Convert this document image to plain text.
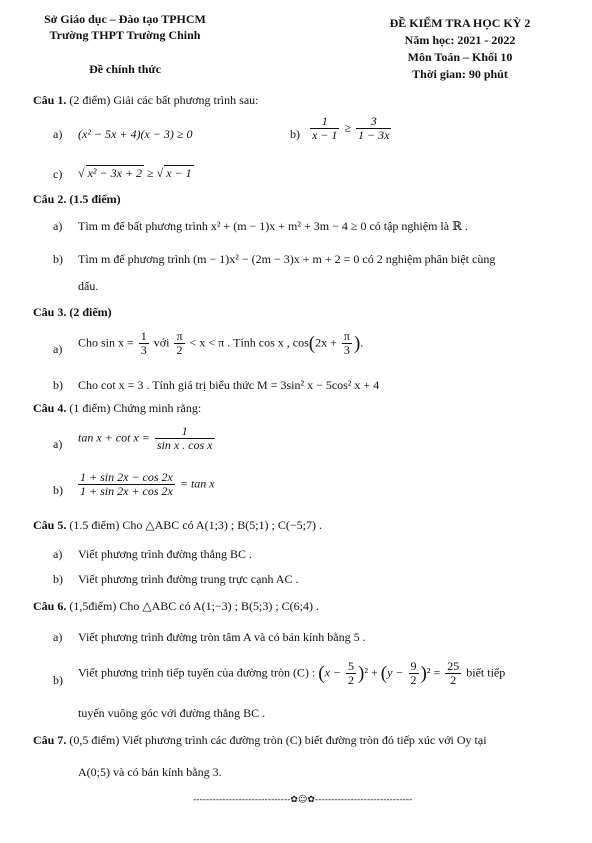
Sở Giáo dục – Đào tạo TPHCM
Trường THPT Trường Chinh
Đề chính thức
ĐỀ KIỂM TRA HỌC KỲ 2
Năm học: 2021 - 2022
Môn Toán – Khối 10
Thời gian: 90 phút
Câu 1. (2 điểm) Giải các bất phương trình sau:
a) (x² − 5x + 4)(x − 3) ≥ 0	$b) \frac{1}{x - 1} \ge \frac{3}{1 - 3x}$
c) √ x² − 3x + 2 ≥ √ x − 1
Câu 2. (1.5 điểm)
a) Tìm m để bất phương trình x² + (m − 1)x + m² + 3m − 4 ≥ 0 có tập nghiệm là ℝ .
b) Tìm m để phương trình (m − 1)x² − (2m − 3)x + m + 2 = 0 có 2 nghiệm phân biệt cùng
dấu.
Câu 3. (2 điểm)
a) Cho $\sin x = \frac{1}{3}$ với $\frac{\pi}{2} < x < \pi$ . Tính cos x , $\cos(2x + \frac{\pi}{3}$ ).
b) Cho cot x = 3 . Tính giá trị biểu thức M = 3sin² x − 5cos² x + 4
Câu 4. (1 điểm) Chứng minh rằng:
a) $\tan x + \cot x = \frac{1}{\text{sin x . cos x}}$
$b) \frac{1 + \sin 2x - \cos 2x}{1 + \sin 2x + \cos 2x} = \tan x$
Câu 5. (1.5 điểm) Cho △ABC có A(1;3) ; B(5;1) ; C(−5;7) .
a) Viết phương trình đường thẳng BC .
b) Viết phương trình đường trung trực cạnh AC .
Câu 6. (1,5điểm) Cho △ABC có A(1;−3) ; B(5;3) ; C(6;4) .
a) Viết phương trình đường tròn tâm A và có bán kính bằng 5 .
b)
Viết phương trình tiếp tuyến của đường tròn (C) : $(x - \frac{5}{2} )^2 + (y - \frac{9}{2} )^2 = \frac{25}{2}$ biết tiếp
tuyến vuông góc với đường thẳng BC .
Câu 7. (0,5 điểm) Viết phương trình các đường tròn (C) biết đường tròn đó tiếp xúc với Oy tại
A(0;5) và có bán kính bằng 3.
------------------------------✿☺✿------------------------------
